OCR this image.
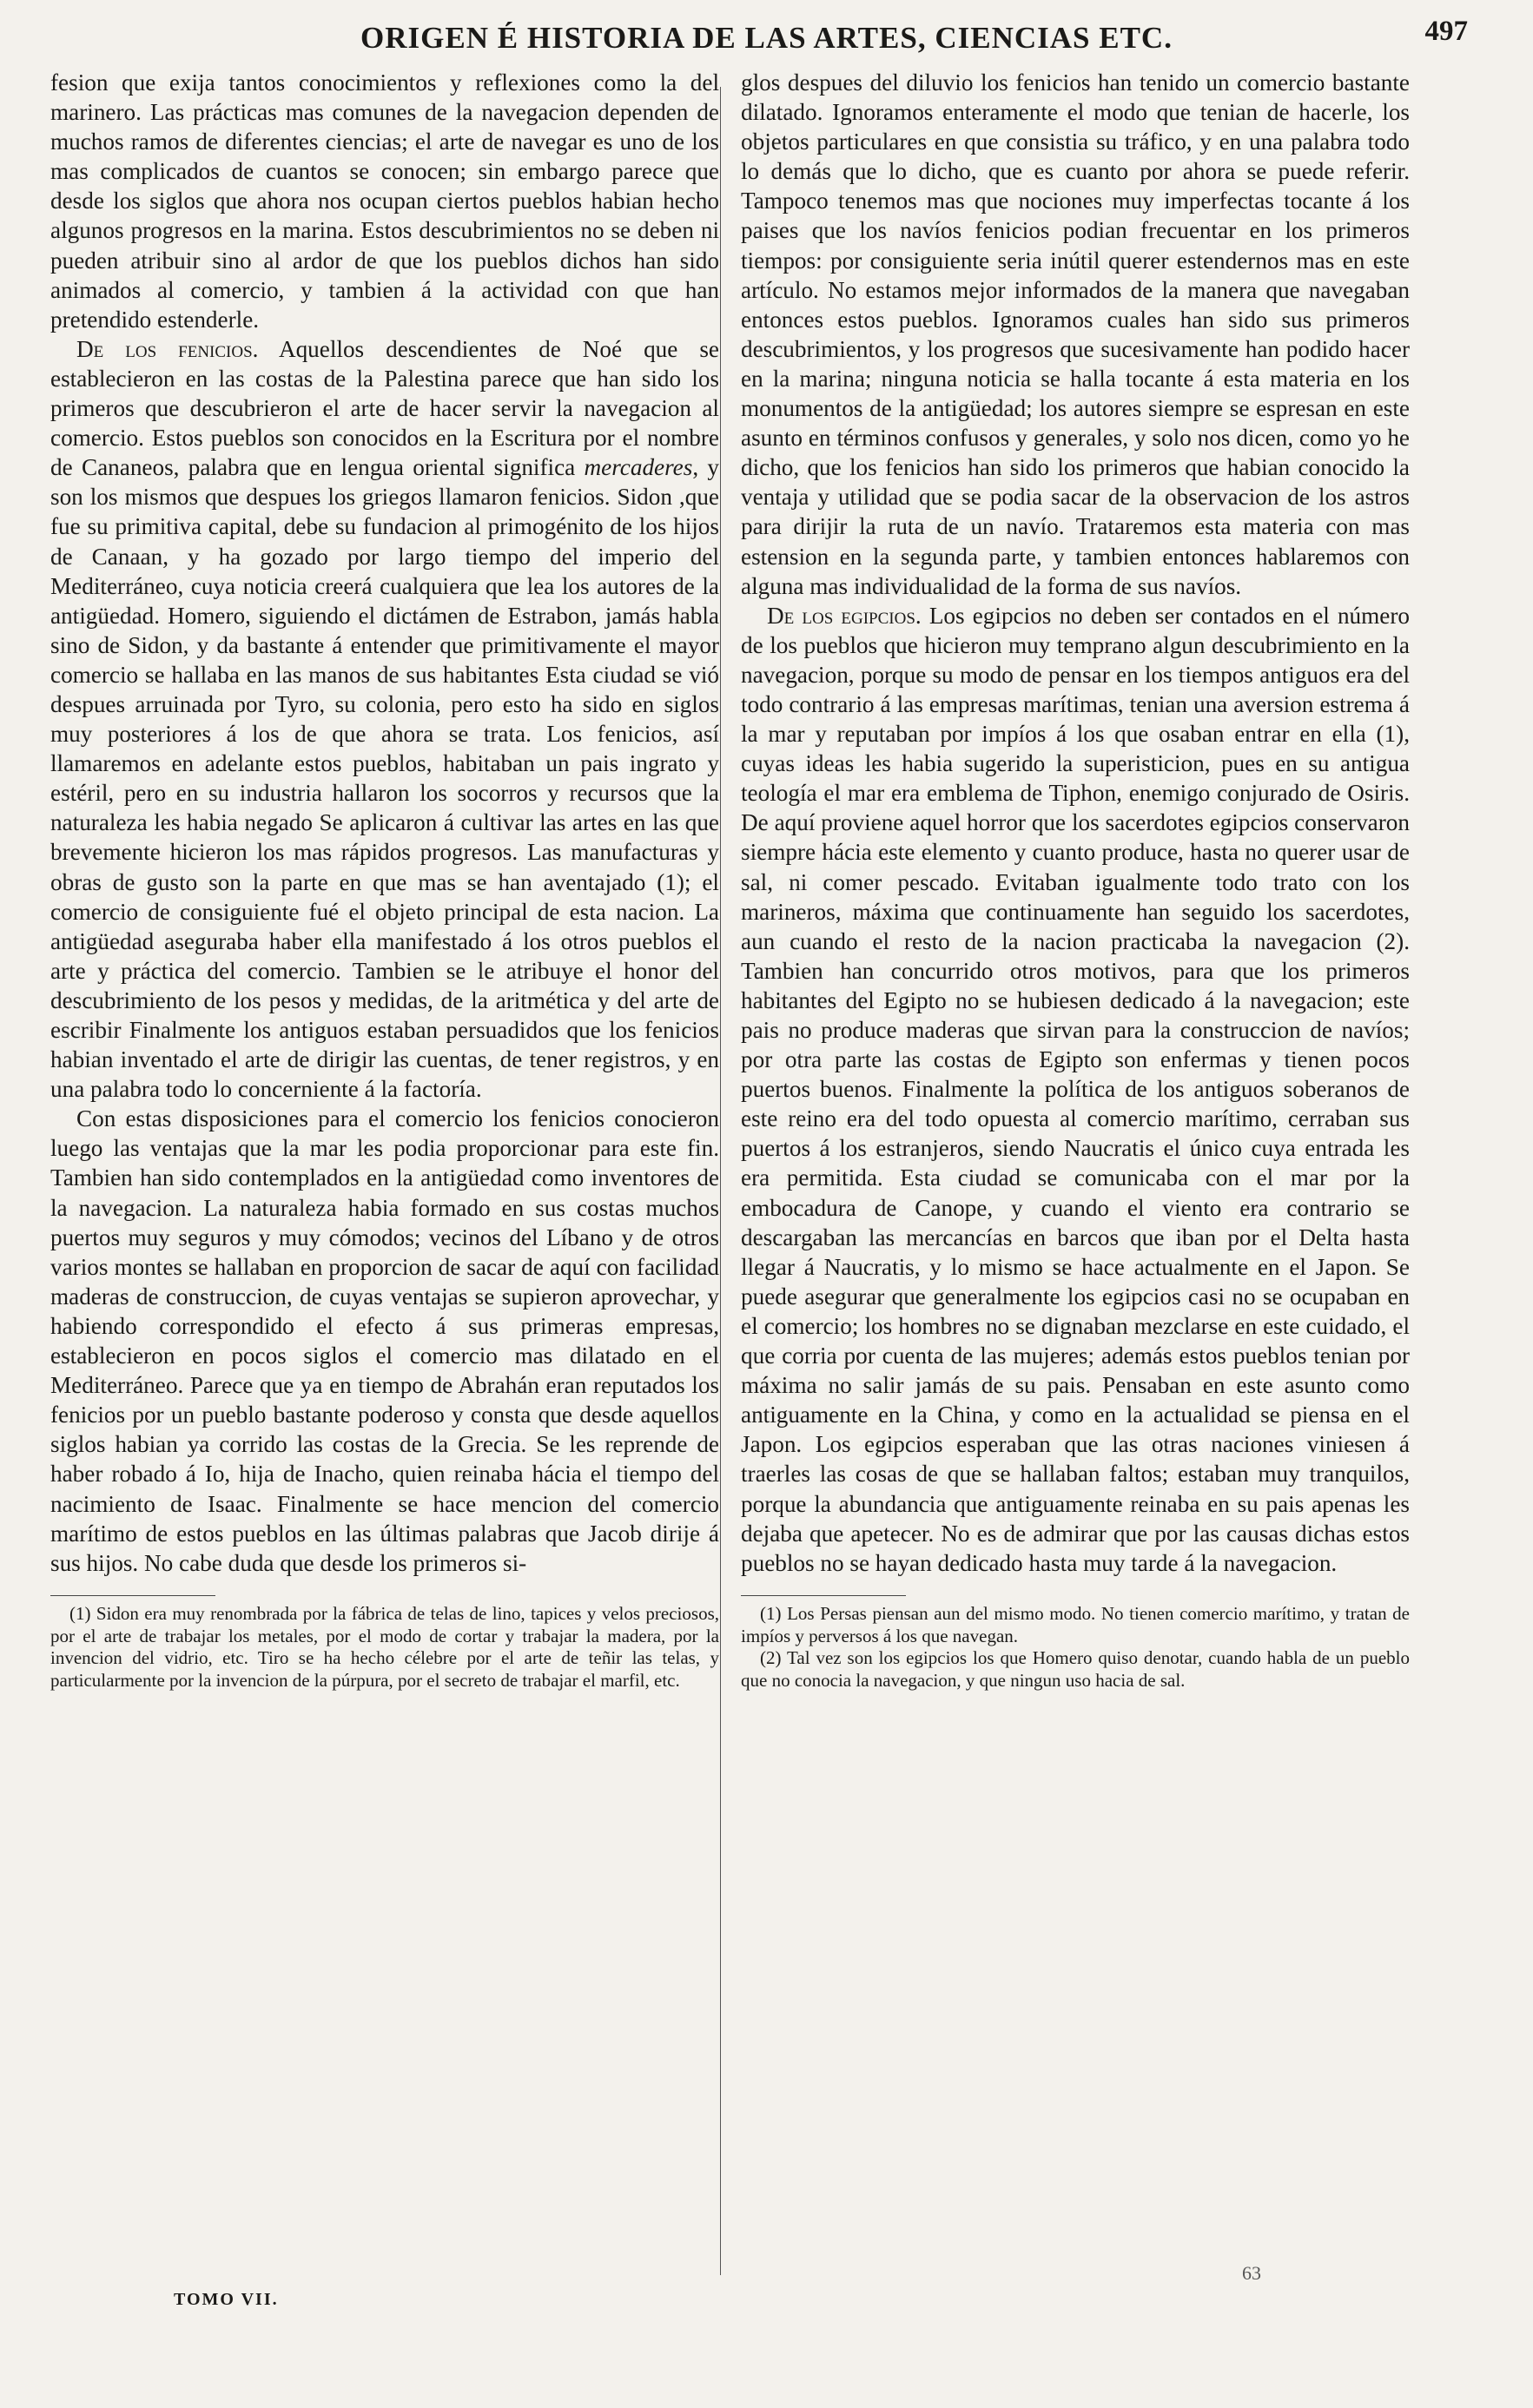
ORIGEN É HISTORIA DE LAS ARTES, CIENCIAS ETC.	497

fesion que exija tantos conocimientos y reflexiones como la del marinero. Las prácticas mas comunes de la navegacion dependen de muchos ramos de diferentes ciencias; el arte de navegar es uno de los mas complicados de cuantos se conocen; sin embargo parece que desde los siglos que ahora nos ocupan ciertos pueblos habian hecho algunos progresos en la marina. Estos descubrimientos no se deben ni pueden atribuir sino al ardor de que los pueblos dichos han sido animados al comercio, y tambien á la actividad con que han pretendido estenderle.

De los fenicios. Aquellos descendientes de Noé que se establecieron en las costas de la Palestina parece que han sido los primeros que descubrieron el arte de hacer servir la navegacion al comercio. Estos pueblos son conocidos en la Escritura por el nombre de Cananeos, palabra que en lengua oriental significa mercaderes, y son los mismos que despues los griegos llamaron fenicios. Sidon ,que fue su primitiva capital, debe su fundacion al primogénito de los hijos de Canaan, y ha gozado por largo tiempo del imperio del Mediterráneo, cuya noticia creerá cualquiera que lea los autores de la antigüedad. Homero, siguiendo el dictámen de Estrabon, jamás habla sino de Sidon, y da bastante á entender que primitivamente el mayor comercio se hallaba en las manos de sus habitantes Esta ciudad se vió despues arruinada por Tyro, su colonia, pero esto ha sido en siglos muy posteriores á los de que ahora se trata. Los fenicios, así llamaremos en adelante estos pueblos, habitaban un pais ingrato y estéril, pero en su industria hallaron los socorros y recursos que la naturaleza les habia negado Se aplicaron á cultivar las artes en las que brevemente hicieron los mas rápidos progresos. Las manufacturas y obras de gusto son la parte en que mas se han aventajado (1); el comercio de consiguiente fué el objeto principal de esta nacion. La antigüedad aseguraba haber ella manifestado á los otros pueblos el arte y práctica del comercio. Tambien se le atribuye el honor del descubrimiento de los pesos y medidas, de la aritmética y del arte de escribir Finalmente los antiguos estaban persuadidos que los fenicios habian inventado el arte de dirigir las cuentas, de tener registros, y en una palabra todo lo concerniente á la factoría.

Con estas disposiciones para el comercio los fenicios conocieron luego las ventajas que la mar les podia proporcionar para este fin. Tambien han sido contemplados en la antigüedad como inventores de la navegacion. La naturaleza habia formado en sus costas muchos puertos muy seguros y muy cómodos; vecinos del Líbano y de otros varios montes se hallaban en proporcion de sacar de aquí con facilidad maderas de construccion, de cuyas ventajas se supieron aprovechar, y habiendo correspondido el efecto á sus primeras empresas, establecieron en pocos siglos el comercio mas dilatado en el Mediterráneo. Parece que ya en tiempo de Abrahán eran reputados los fenicios por un pueblo bastante poderoso y consta que desde aquellos siglos habian ya corrido las costas de la Grecia. Se les reprende de haber robado á Io, hija de Inacho, quien reinaba hácia el tiempo del nacimiento de Isaac. Finalmente se hace mencion del comercio marítimo de estos pueblos en las últimas palabras que Jacob dirije á sus hijos. No cabe duda que desde los primeros si-

(1) Sidon era muy renombrada por la fábrica de telas de lino, tapices y velos preciosos, por el arte de trabajar los metales, por el modo de cortar y trabajar la madera, por la invencion del vidrio, etc. Tiro se ha hecho célebre por el arte de teñir las telas, y particularmente por la invencion de la púrpura, por el secreto de trabajar el marfil, etc.

glos despues del diluvio los fenicios han tenido un comercio bastante dilatado. Ignoramos enteramente el modo que tenian de hacerle, los objetos particulares en que consistia su tráfico, y en una palabra todo lo demás que lo dicho, que es cuanto por ahora se puede referir. Tampoco tenemos mas que nociones muy imperfectas tocante á los paises que los navíos fenicios podian frecuentar en los primeros tiempos: por consiguiente seria inútil querer estendernos mas en este artículo. No estamos mejor informados de la manera que navegaban entonces estos pueblos. Ignoramos cuales han sido sus primeros descubrimientos, y los progresos que sucesivamente han podido hacer en la marina; ninguna noticia se halla tocante á esta materia en los monumentos de la antigüedad; los autores siempre se espresan en este asunto en términos confusos y generales, y solo nos dicen, como yo he dicho, que los fenicios han sido los primeros que habian conocido la ventaja y utilidad que se podia sacar de la observacion de los astros para dirijir la ruta de un navío. Trataremos esta materia con mas estension en la segunda parte, y tambien entonces hablaremos con alguna mas individualidad de la forma de sus navíos.

De los egipcios. Los egipcios no deben ser contados en el número de los pueblos que hicieron muy temprano algun descubrimiento en la navegacion, porque su modo de pensar en los tiempos antiguos era del todo contrario á las empresas marítimas, tenian una aversion estrema á la mar y reputaban por impíos á los que osaban entrar en ella (1), cuyas ideas les habia sugerido la superisticion, pues en su antigua teología el mar era emblema de Tiphon, enemigo conjurado de Osiris. De aquí proviene aquel horror que los sacerdotes egipcios conservaron siempre hácia este elemento y cuanto produce, hasta no querer usar de sal, ni comer pescado. Evitaban igualmente todo trato con los marineros, máxima que continuamente han seguido los sacerdotes, aun cuando el resto de la nacion practicaba la navegacion (2). Tambien han concurrido otros motivos, para que los primeros habitantes del Egipto no se hubiesen dedicado á la navegacion; este pais no produce maderas que sirvan para la construccion de navíos; por otra parte las costas de Egipto son enfermas y tienen pocos puertos buenos. Finalmente la política de los antiguos soberanos de este reino era del todo opuesta al comercio marítimo, cerraban sus puertos á los estranjeros, siendo Naucratis el único cuya entrada les era permitida. Esta ciudad se comunicaba con el mar por la embocadura de Canope, y cuando el viento era contrario se descargaban las mercancías en barcos que iban por el Delta hasta llegar á Naucratis, y lo mismo se hace actualmente en el Japon. Se puede asegurar que generalmente los egipcios casi no se ocupaban en el comercio; los hombres no se dignaban mezclarse en este cuidado, el que corria por cuenta de las mujeres; además estos pueblos tenian por máxima no salir jamás de su pais. Pensaban en este asunto como antiguamente en la China, y como en la actualidad se piensa en el Japon. Los egipcios esperaban que las otras naciones viniesen á traerles las cosas de que se hallaban faltos; estaban muy tranquilos, porque la abundancia que antiguamente reinaba en su pais apenas les dejaba que apetecer. No es de admirar que por las causas dichas estos pueblos no se hayan dedicado hasta muy tarde á la navegacion.

(1) Los Persas piensan aun del mismo modo. No tienen comercio marítimo, y tratan de impíos y perversos á los que navegan.

(2) Tal vez son los egipcios los que Homero quiso denotar, cuando habla de un pueblo que no conocia la navegacion, y que ningun uso hacia de sal.

TOMO VII.
63
